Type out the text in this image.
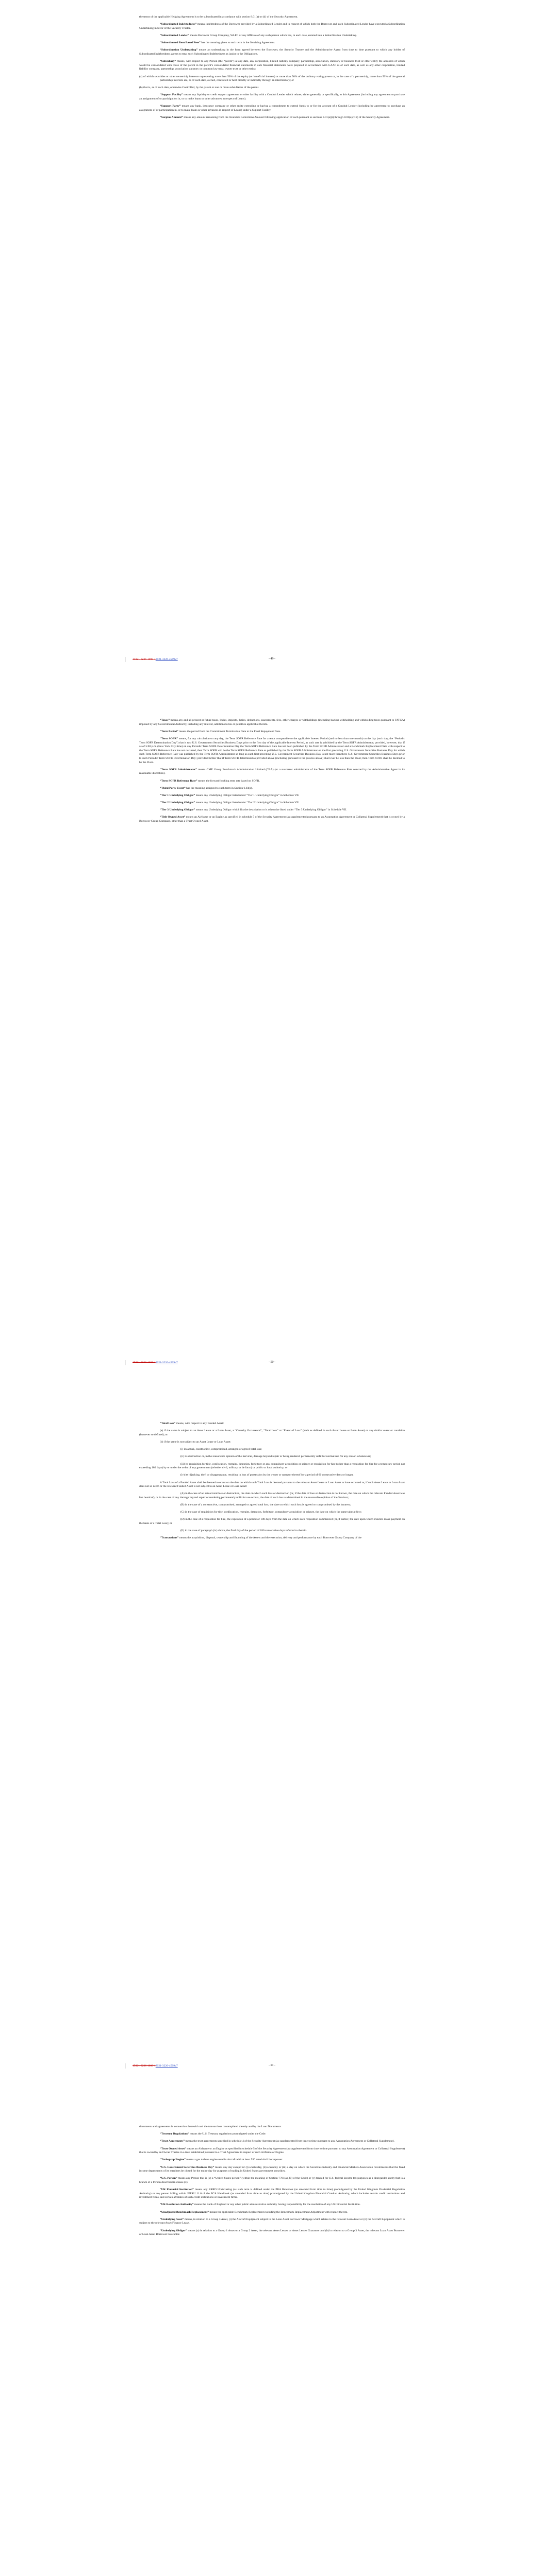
the terms of the applicable Hedging Agreement is to be subordinated in accordance with section 8.01(a) or (d) of the Security Agreement.

“Subordinated Indebtedness” means Indebtedness of the Borrower provided by a Subordinated Lender and in respect of which both the Borrower and such Subordinated Lender have executed a Subordination Undertaking in favor of the Security Trustee.

“Subordinated Lender” means Borrower Group Company, WLFC or any Affiliate of any such person which has, in each case, entered into a Subordination Undertaking.

“Subordinated Rent Based Fees” has the meaning given to such term in the Servicing Agreement.

“Subordination Undertaking” means an undertaking in the form agreed between the Borrower, the Security Trustee and the Administrative Agent from time to time pursuant to which any holder of Subordinated Indebtedness agrees to treat such Subordinated Indebtedness as junior to the Obligations.

“Subsidiary” means, with respect to any Person (the “parent”) at any date, any corporation, limited liability company, partnership, association, statutory or business trust or other entity the accounts of which would be consolidated with those of the parent in the parent’s consolidated financial statements if such financial statements were prepared in accordance with GAAP as of such date, as well as any other corporation, limited liability company, partnership, association statutory or common law trust, owner trust or other entity:

(a) of which securities or other ownership interests representing more than 50% of the equity (or beneficial interest) or more than 50% of the ordinary voting power or, in the case of a partnership, more than 50% of the general partnership interests are, as of such date, owned, controlled or held directly or indirectly through an intermediary; or

(b) that is, as of such date, otherwise Controlled, by the parent or one or more subsidiaries of the parent.

“Support Facility” means any liquidity or credit support agreement or other facility with a Conduit Lender which relates, either generally or specifically, to this Agreement (including any agreement to purchase an assignment of or participation in, or to make loans or other advances in respect of Loans).

“Support Party” means any bank, insurance company or other entity extending or having a commitment to extend funds to or for the account of a Conduit Lender (including by agreement to purchase an assignment of or participation in, or to make loans or other advances in respect of Loans) under a Support Facility.

“Surplus Amount” means any amount remaining from the Available Collections Amount following application of such pursuant to sections 8.01(a)(i) through 8.01(a)(viii) of the Security Agreement.

15021-3226-1000-18021-3226-4509v7	- 49 -

“Taxes” means any and all present or future taxes, levies, imposts, duties, deductions, assessments, fees, other charges or withholdings (including backup withholding and withholding taxes pursuant to FATCA) imposed by any Governmental Authority, including any interest, additions to tax or penalties applicable thereto.

“Term Period” means the period from the Commitment Termination Date to the Final Repayment Date.

“Term SOFR” means, for any calculation on any day, the Term SOFR Reference Rate for a tenor comparable to the applicable Interest Period (and no less than one month) on the day (such day, the “Periodic Term SOFR Determination Day”) that is two U.S. Government Securities Business Days prior to the first day of the applicable Interest Period, as such rate is published by the Term SOFR Administrator; provided, however, that if as of 5:00 p.m. (New York City time) on any Periodic Term SOFR Determination Day the Term SOFR Reference Rate has not been published by the Term SOFR Administrator and a Benchmark Replacement Date with respect to the Term SOFR Reference Rate has not occurred, then Term SOFR will be the Term SOFR Reference Rate as published by the Term SOFR Administrator on the first preceding U.S. Government Securities Business Day for which such Term SOFR Reference Rate was published by the Term SOFR Administrator so long as such first preceding U.S. Government Securities Business Day is not more than three U.S. Government Securities Business Days prior to such Periodic Term SOFR Determination Day; provided further that if Term SOFR determined as provided above (including pursuant to the proviso above) shall ever be less than the Floor, then Term SOFR shall be deemed to be the Floor.

“Term SOFR Administrator” means CME Group Benchmark Administration Limited (CBA) (or a successor administrator of the Term SOFR Reference Rate selected by the Administrative Agent in its reasonable discretion).

“Term SOFR Reference Rate” means the forward-looking term rate based on SOFR.

“Third Party Event” has the meaning assigned to such term in Section 6.03(a).

“Tier 1 Underlying Obligor” means any Underlying Obligor listed under “Tier 1 Underlying Obligor” in Schedule VII.

“Tier 2 Underlying Obligor” means any Underlying Obligor listed under “Tier 2 Underlying Obligor” in Schedule VII.

“Tier 3 Underlying Obligor” means any Underlying Obligor which fits the description or is otherwise listed under “Tier 3 Underlying Obligor” in Schedule VII.

“Title Owned Asset” means an Airframe or an Engine as specified in schedule 5 of the Security Agreement (as supplemented pursuant to an Assumption Agreement or Collateral Supplement) that is owned by a Borrower Group Company, other than a Trust Owned Asset.

15021-3226-1000-18021-3226-4509v7	- 50 -

“Total Loss” means, with respect to any Funded Asset:

(a) if the same is subject to an Asset Lease or a Loan Asset, a “Casualty Occurrence”, “Total Loss” or “Event of Loss” (each as defined in such Asset Lease or Loan Asset) or any similar event or condition (however so defined); or

(b) if the same is not subject to an Asset Lease or Loan Asset:

(i) its actual, constructive, compromised, arranged or agreed total loss;

(ii) its destruction or, in the reasonable opinion of the Servicer, damage beyond repair or being rendered permanently unfit for normal use for any reason whatsoever;

(iii) its requisition for title, confiscation, restraint, detention, forfeiture or any compulsory acquisition or seizure or requisition for hire (other than a requisition for hire for a temporary period not exceeding 180 days) by or under the order of any government (whether civil, military or de facto) or public or local authority; or

(iv) its hijacking, theft or disappearance, resulting in loss of possession by the owner or operator thereof for a period of 60 consecutive days or longer.

A Total Loss of a Funded Asset shall be deemed to occur on the date on which such Total Loss is deemed pursuant to the relevant Asset Lease or Loan Asset to have occurred or, if such Asset Lease or Loan Asset does not so deem or the relevant Funded Asset is not subject to an Asset Lease or Loan Asset:

(A) in the case of an actual total loss or destruction, the date on which such loss or destruction (or, if the date of loss or destruction is not known, the date on which the relevant Funded Asset was last heard of), or in the case of any damage beyond repair or rendering permanently unfit for use occurs, the date of such loss as determined in the reasonable opinion of the Servicer;

(B) in the case of a constructive, compromised, arranged or agreed total loss, the date on which such loss is agreed or compromised by the insurers;

(C) in the case of requisition for title, confiscation, restraint, detention, forfeiture, compulsory acquisition or seizure, the date on which the same takes effect;

(D) in the case of a requisition for hire, the expiration of a period of 180 days from the date on which such requisition commenced (or, if earlier, the date upon which insurers make payment on the basis of a Total Loss); or

(E) in the case of paragraph (iv) above, the final day of the period of 180 consecutive days referred to therein.

“Transactions” means the acquisition, disposal, ownership and financing of the Assets and the execution, delivery and performance by each Borrower Group Company of the

15021-3226-1000-18021-3226-4509v7	- 51 -

documents and agreements in connection therewith and the transactions contemplated thereby and by the Loan Documents.

“Treasury Regulations” means the U.S. Treasury regulations promulgated under the Code.

“Trust Agreements” means the trust agreements specified in schedule 4 of the Security Agreement (as supplemented from time to time pursuant to any Assumption Agreement or Collateral Supplement).

“Trust Owned Asset” means an Airframe or an Engine as specified in schedule 5 of the Security Agreement (as supplemented from time to time pursuant to any Assumption Agreement or Collateral Supplement) that is owned by an Owner Trustee in a trust established pursuant to a Trust Agreement in respect of such Airframe or Engine.

“Turboprop Engine” means a gas turbine engine used in aircraft with at least 550 rated shaft horsepower.

“U.S. Government Securities Business Day” means any day except for (i) a Saturday, (ii) a Sunday or (iii) a day on which the Securities Industry and Financial Markets Association recommends that the fixed income departments of its members be closed for the entire day for purposes of trading in United States government securities.

“U.S. Person” means any Person that is (x) a “United States person” (within the meaning of Section 7701(a)(30) of the Code) or (y) treated for U.S. federal income tax purposes as a disregarded entity that is a branch of a Person described in clause (x).

“UK Financial Institution” means any BRRD Undertaking (as such term is defined under the PRA Rulebook (as amended form time to time) promulgated by the United Kingdom Prudential Regulation Authority) or any person falling within IFPRU 11.6 of the FCA Handbook (as amended from time to time) promulgated by the United Kingdom Financial Conduct Authority, which includes certain credit institutions and investment firms, and certain affiliates of such credit institutions or investment firms.

“UK Resolution Authority” means the Bank of England or any other public administrative authority having responsibility for the resolution of any UK Financial Institution.

“Unadjusted Benchmark Replacement” means the applicable Benchmark Replacement excluding the Benchmark Replacement Adjustment with respect thereto.

“Underlying Asset” means, in relation to a Group 3 Asset, (i) the Aircraft Equipment subject to the Loan Asset Borrower Mortgage which relates to the relevant Loan Asset or (ii) the Aircraft Equipment which is subject to the relevant Asset Finance Lease.

“Underlying Obligor” means (a) in relation to a Group 1 Asset or a Group 2 Asset, the relevant Asset Lessee or Asset Lessee Guarantor and (b) in relation to a Group 3 Asset, the relevant Loan Asset Borrower or Loan Asset Borrower Guarantor.
